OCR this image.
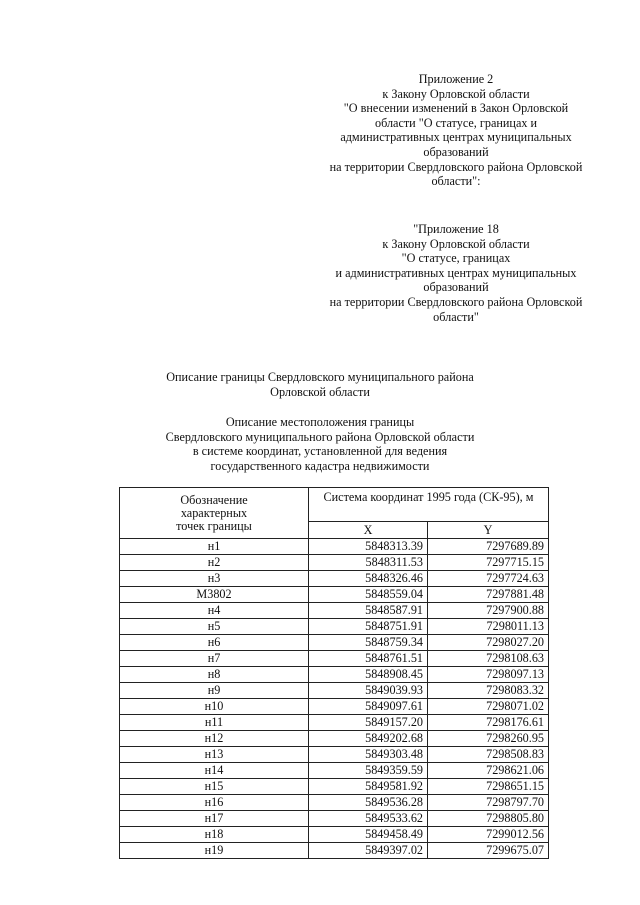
Приложение 2
к Закону Орловской области
"О внесении изменений в Закон Орловской
области "О статусе, границах и
административных центрах муниципальных
образований
на территории Свердловского района Орловской
области":
"Приложение 18
к Закону Орловской области
"О статусе, границах
и административных центрах муниципальных
образований
на территории Свердловского района Орловской
области"
Описание границы Свердловского муниципального района
Орловской области
Описание местоположения границы
Свердловского муниципального района Орловской области
в системе координат, установленной для ведения
государственного кадастра недвижимости
Обозначение
характерных
точек границы	Система координат 1995 года (СК-95), м	
	X	Y
н1	5848313.39	7297689.89
н2	5848311.53	7297715.15
н3	5848326.46	7297724.63
М3802	5848559.04	7297881.48
н4	5848587.91	7297900.88
н5	5848751.91	7298011.13
н6	5848759.34	7298027.20
н7	5848761.51	7298108.63
н8	5848908.45	7298097.13
н9	5849039.93	7298083.32
н10	5849097.61	7298071.02
н11	5849157.20	7298176.61
н12	5849202.68	7298260.95
н13	5849303.48	7298508.83
н14	5849359.59	7298621.06
н15	5849581.92	7298651.15
н16	5849536.28	7298797.70
н17	5849533.62	7298805.80
н18	5849458.49	7299012.56
н19	5849397.02	7299675.07
